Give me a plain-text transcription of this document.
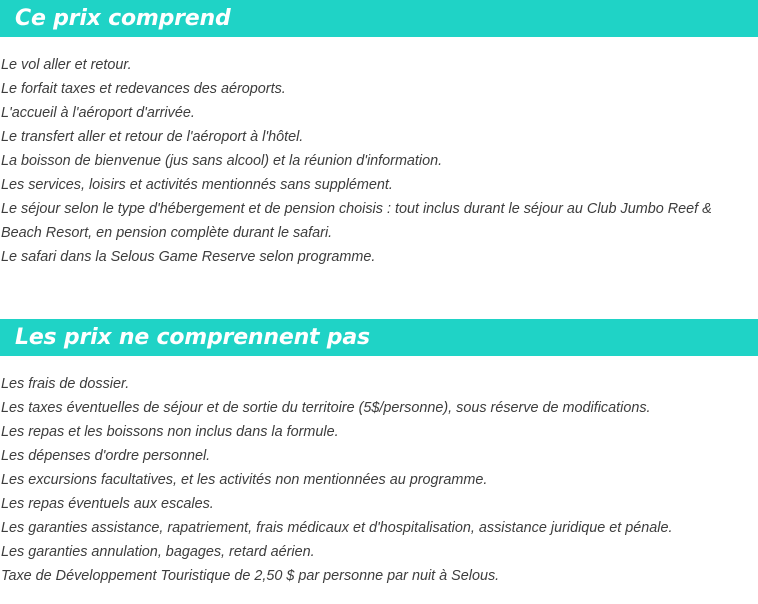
Ce prix comprend
Le vol aller et retour.
Le forfait taxes et redevances des aéroports.
L'accueil à l'aéroport d'arrivée.
Le transfert aller et retour de l'aéroport à l'hôtel.
La boisson de bienvenue (jus sans alcool) et la réunion d'information.
Les services, loisirs et activités mentionnés sans supplément.
Le séjour selon le type d'hébergement et de pension choisis : tout inclus durant le séjour au Club Jumbo Reef & Beach Resort, en pension complète durant le safari.
Le safari dans la Selous Game Reserve selon programme.
Les prix ne comprennent pas
Les frais de dossier.
Les taxes éventuelles de séjour et de sortie du territoire (5$/personne), sous réserve de modifications.
Les repas et les boissons non inclus dans la formule.
Les dépenses d'ordre personnel.
Les excursions facultatives, et les activités non mentionnées au programme.
Les repas éventuels aux escales.
Les garanties assistance, rapatriement, frais médicaux et d'hospitalisation, assistance juridique et pénale.
Les garanties annulation, bagages, retard aérien.
Taxe de Développement Touristique de 2,50 $ par personne par nuit à Selous.
